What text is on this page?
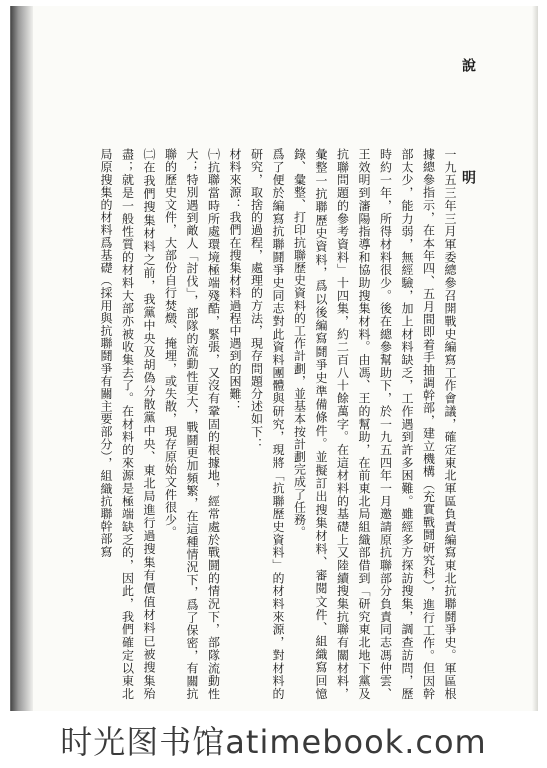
說　明

一九五三年三月軍委總參召開戰史編寫工作會議，確定東北軍區負責編寫東北抗聯鬪爭史。軍區根據總參指示，在本年四、五月間即着手抽調幹部，建立機構（充實戰鬪研究科），進行工作。但因幹部太少，能力弱，無經驗，加上材料缺乏，工作遇到許多困難。雖經多方探訪搜集，調查訪問，歷時約一年，所得材料很少。後在總參幫助下，於一九五四年一月邀請原抗聯部分負責同志馮仲雲、王效明到瀋陽指導和協助搜集材料。由馮、王的幫助，在前東北局組織部借到「研究東北地下黨及抗聯問題的參考資料」十四集，約二百八十餘萬字。在這材料的基礎上又陸續搜集抗聯有關材料，彙整一抗聯歷史資料，爲以後編寫鬪爭史準備條件。並擬訂出搜集材料、審閱文件、組織寫回憶錄、彙整、打印抗聯歷史資料的工作計劃，並基本按計劃完成了任務。

爲了便於編寫抗聯鬪爭史同志對此資料團體與研究，現將「抗聯歷史資料」的材料來源，對材料的研究，取捨的過程，處理的方法，現存問題分述如下：

材料來源：我們在搜集材料過程中遇到的困難：

㈠抗聯當時所處環境極端殘酷，緊張，又沒有鞏固的根據地，經常處於戰鬪的情況下，部隊流動性大；特別遇到敵人「討伐」，部隊的流動性更大，戰鬪更加頻繁，在這種情況下，爲了保密，有關抗聯的歷史文件，大部份自行焚燬、掩埋，或失散，現存原始文件很少。

㈡在我們搜集材料之前，我黨中央及胡偽分散黨中央、東北局進行過搜集有價值材料已被搜集殆盡；就是一般性質的材料大部亦被收集去了。在材料的來源是極端缺乏的，因此，我們確定以東北局原搜集的材料爲基礎（採用與抗聯鬪爭有關主要部分），組織抗聯幹部寫

时光图书馆atimebook.com
